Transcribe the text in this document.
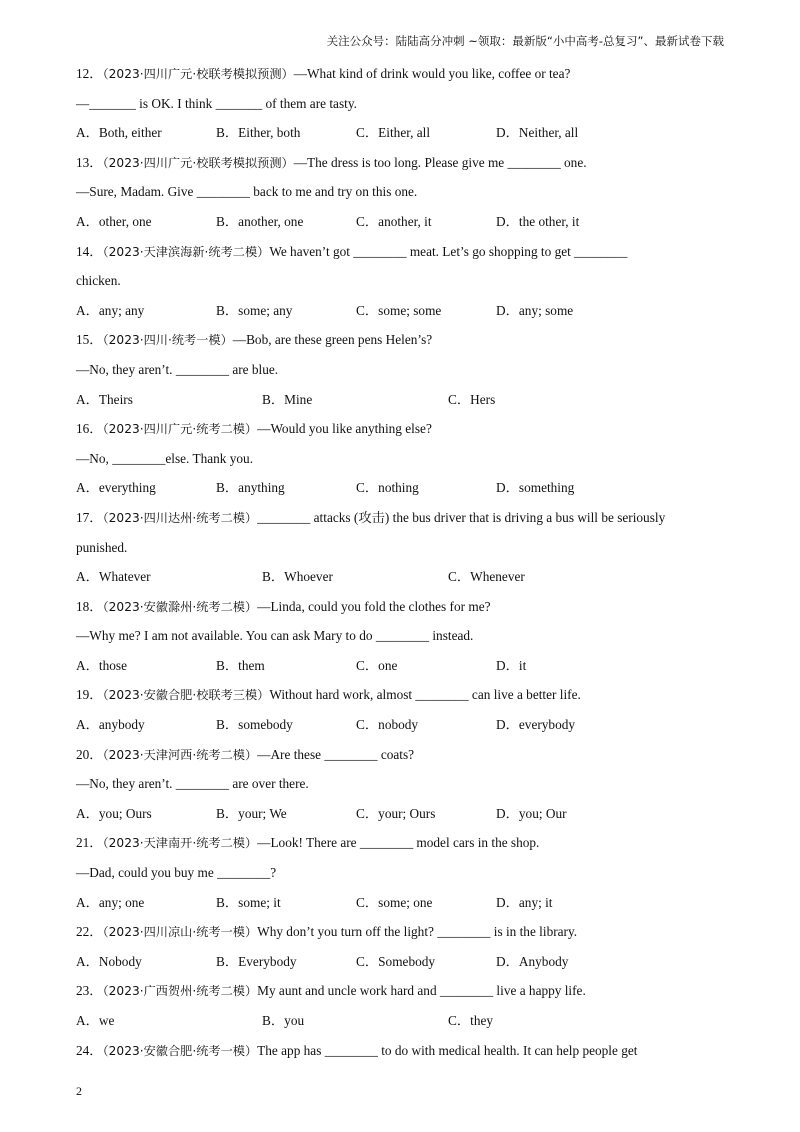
关注公众号：陆陆高分冲刺 ~领取：最新版“小中高考-总复习”、最新试卷下载
12．（2023·四川广元·校联考模拟预测）—What kind of drink would you like, coffee or tea?
—_______ is OK. I think _______ of them are tasty.
A．Both, either	B．Either, both	C．Either, all	D．Neither, all
13．（2023·四川广元·校联考模拟预测）—The dress is too long. Please give me ________ one.
—Sure, Madam. Give ________ back to me and try on this one.
A．other, one	B．another, one	C．another, it	D．the other, it
14．（2023·天津滨海新·统考二模）We haven’t got ________ meat. Let’s go shopping to get ________
chicken.
A．any; any	B．some; any	C．some; some	D．any; some
15．（2023·四川·统考一模）—Bob, are these green pens Helen’s?
—No, they aren’t. ________ are blue.
A．Theirs	B．Mine	C．Hers
16．（2023·四川广元·统考二模）—Would you like anything else?
—No, ________else. Thank you.
A．everything	B．anything	C．nothing	D．something
17．（2023·四川达州·统考二模）________ attacks (攻击) the bus driver that is driving a bus will be seriously
punished.
A．Whatever	B．Whoever	C．Whenever
18．（2023·安徽滁州·统考二模）—Linda, could you fold the clothes for me?
—Why me? I am not available. You can ask Mary to do ________ instead.
A．those	B．them	C．one	D．it
19．（2023·安徽合肥·校联考三模）Without hard work, almost ________ can live a better life.
A．anybody	B．somebody	C．nobody	D．everybody
20．（2023·天津河西·统考二模）—Are these ________ coats?
—No, they aren’t. ________ are over there.
A．you; Ours	B．your; We	C．your; Ours	D．you; Our
21．（2023·天津南开·统考二模）—Look! There are ________ model cars in the shop.
—Dad, could you buy me ________?
A．any; one	B．some; it	C．some; one	D．any; it
22．（2023·四川凉山·统考一模）Why don’t you turn off the light? ________ is in the library.
A．Nobody	B．Everybody	C．Somebody	D．Anybody
23．（2023·广西贺州·统考二模）My aunt and uncle work hard and ________ live a happy life.
A．we	B．you	C．they
24．（2023·安徽合肥·统考一模）The app has ________ to do with medical health. It can help people get
2
